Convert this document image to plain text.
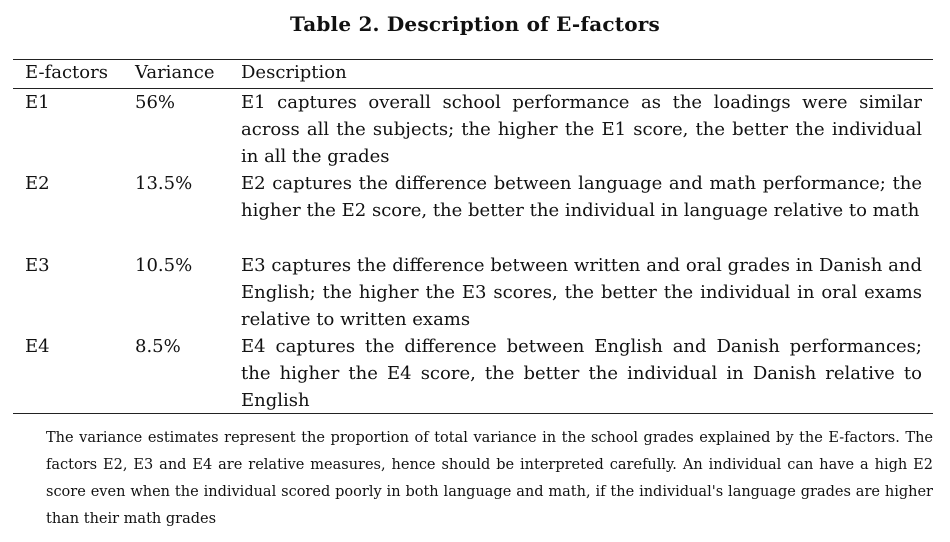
Table 2. Description of E-factors
E-factors Variance Description
E1	56%	E1 captures overall school performance as the loadings were similar across all the subjects; the higher the E1 score, the better the individual in all the grades
E2	13.5%	E2 captures the difference between language and math performance; the higher the E2 score, the better the individual in language relative to math
E3	10.5%	E3 captures the difference between written and oral grades in Danish and English; the higher the E3 scores, the better the individual in oral exams relative to written exams
E4	8.5%	E4 captures the difference between English and Danish performances; the higher the E4 score, the better the individual in Danish relative to English
The variance estimates represent the proportion of total variance in the school grades explained by the E-factors. The factors E2, E3 and E4 are relative measures, hence should be interpreted carefully. An individual can have a high E2 score even when the individual scored poorly in both language and math, if the individual's language grades are higher than their math grades
